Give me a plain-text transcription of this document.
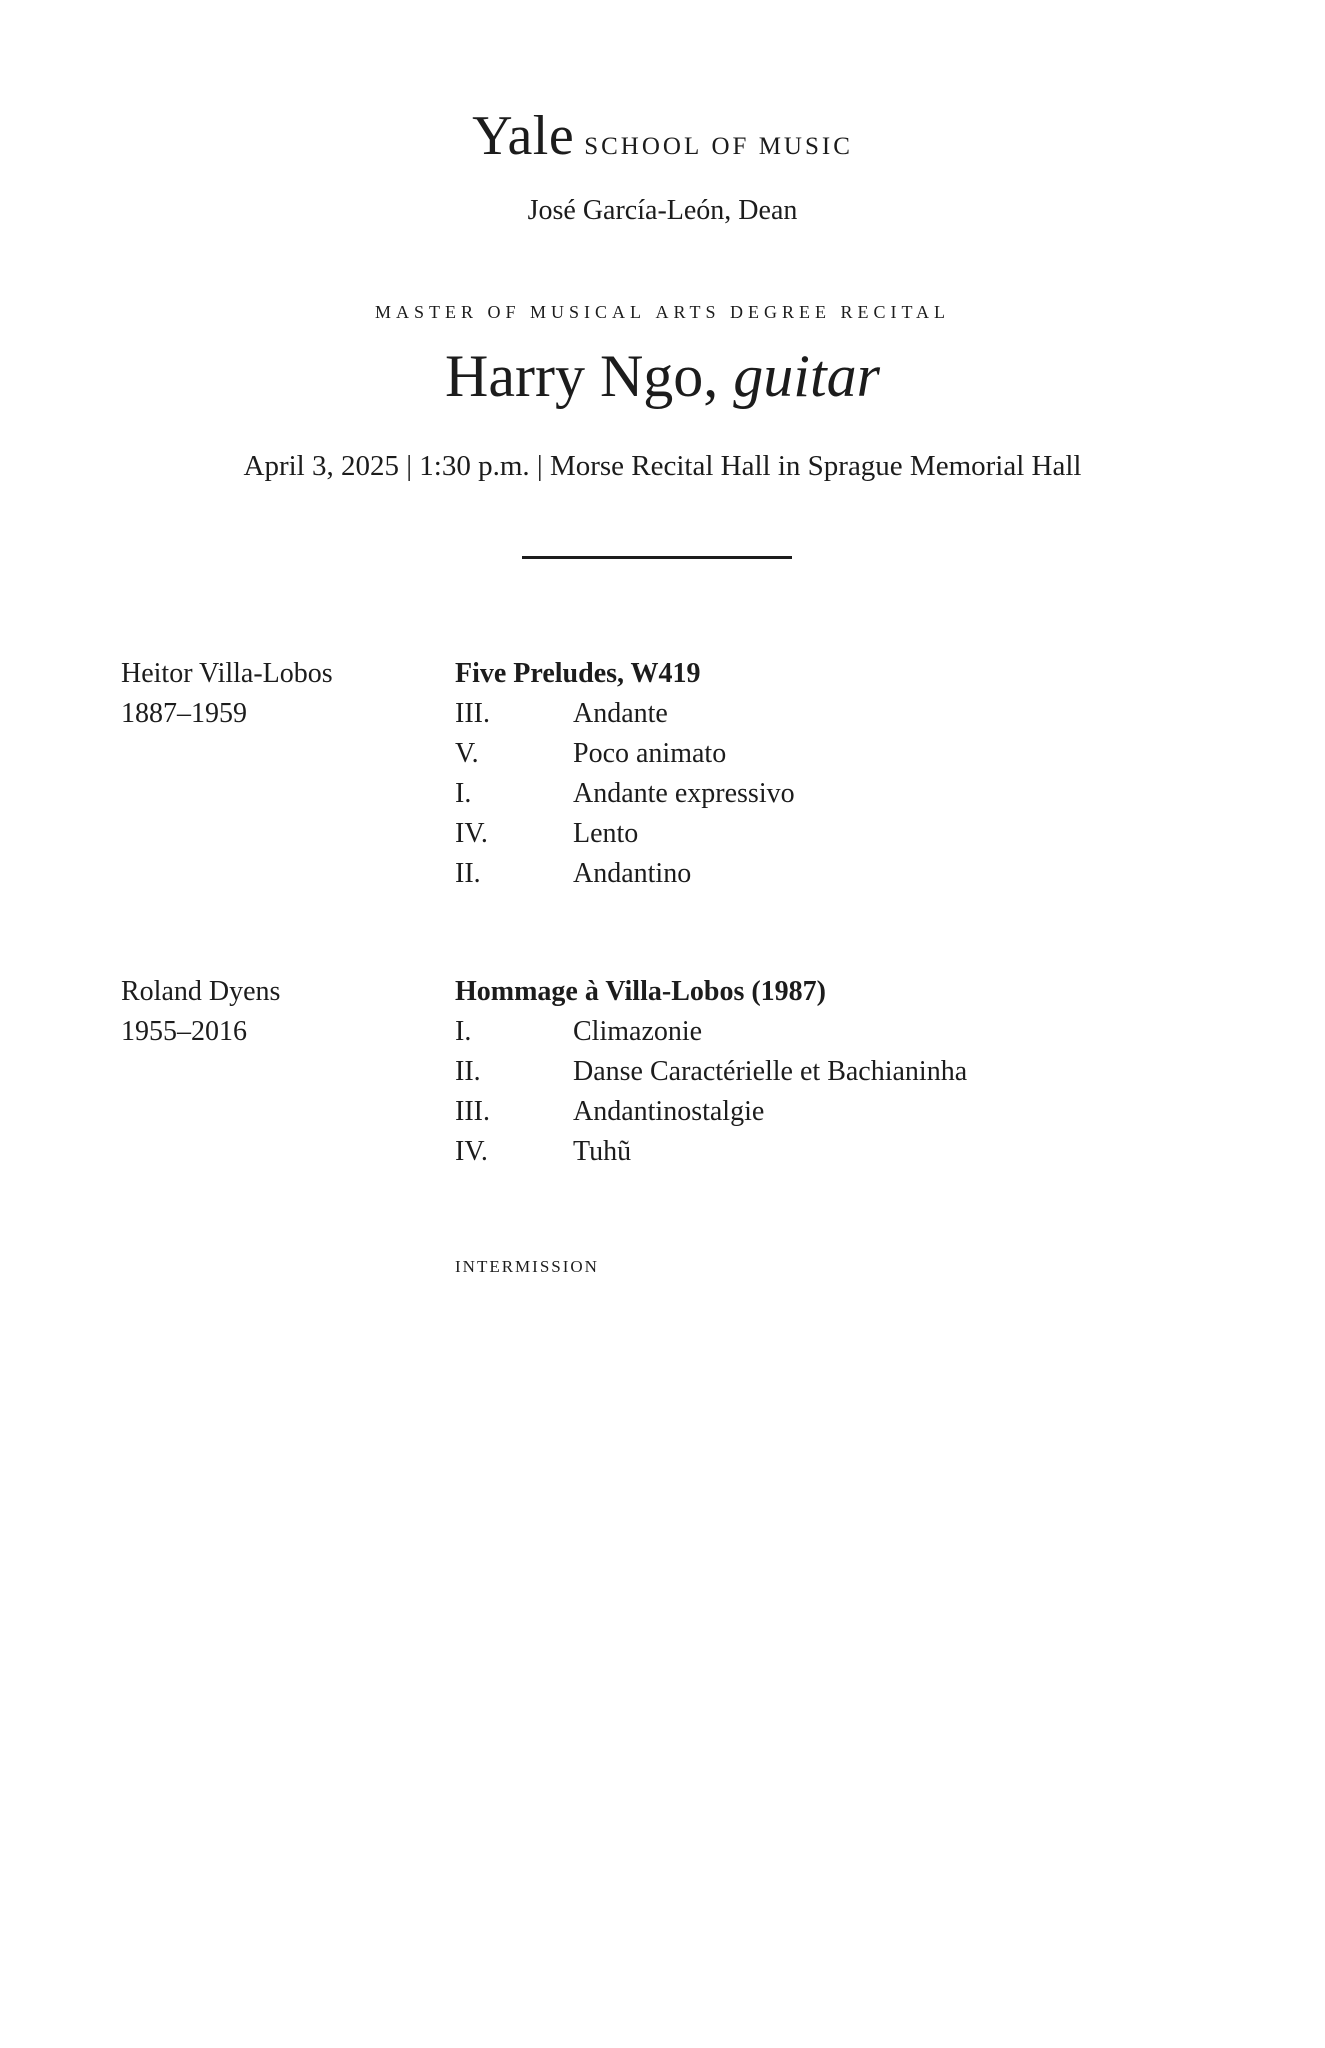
Yale school of music
José García-León, Dean
master of musical arts degree recital
Harry Ngo, guitar
April 3, 2025 | 1:30 p.m. | Morse Recital Hall in Sprague Memorial Hall
Heitor Villa-Lobos
1887–1959
Five Preludes, W419
III.	Andante
V.	Poco animato
I.	Andante expressivo
IV.	Lento
II.	Andantino
Roland Dyens
1955–2016
Hommage à Villa-Lobos (1987)
I.	Climazonie
II.	Danse Caractérielle et Bachianinha
III.	Andantinostalgie
IV.	Tuhũ
intermission
